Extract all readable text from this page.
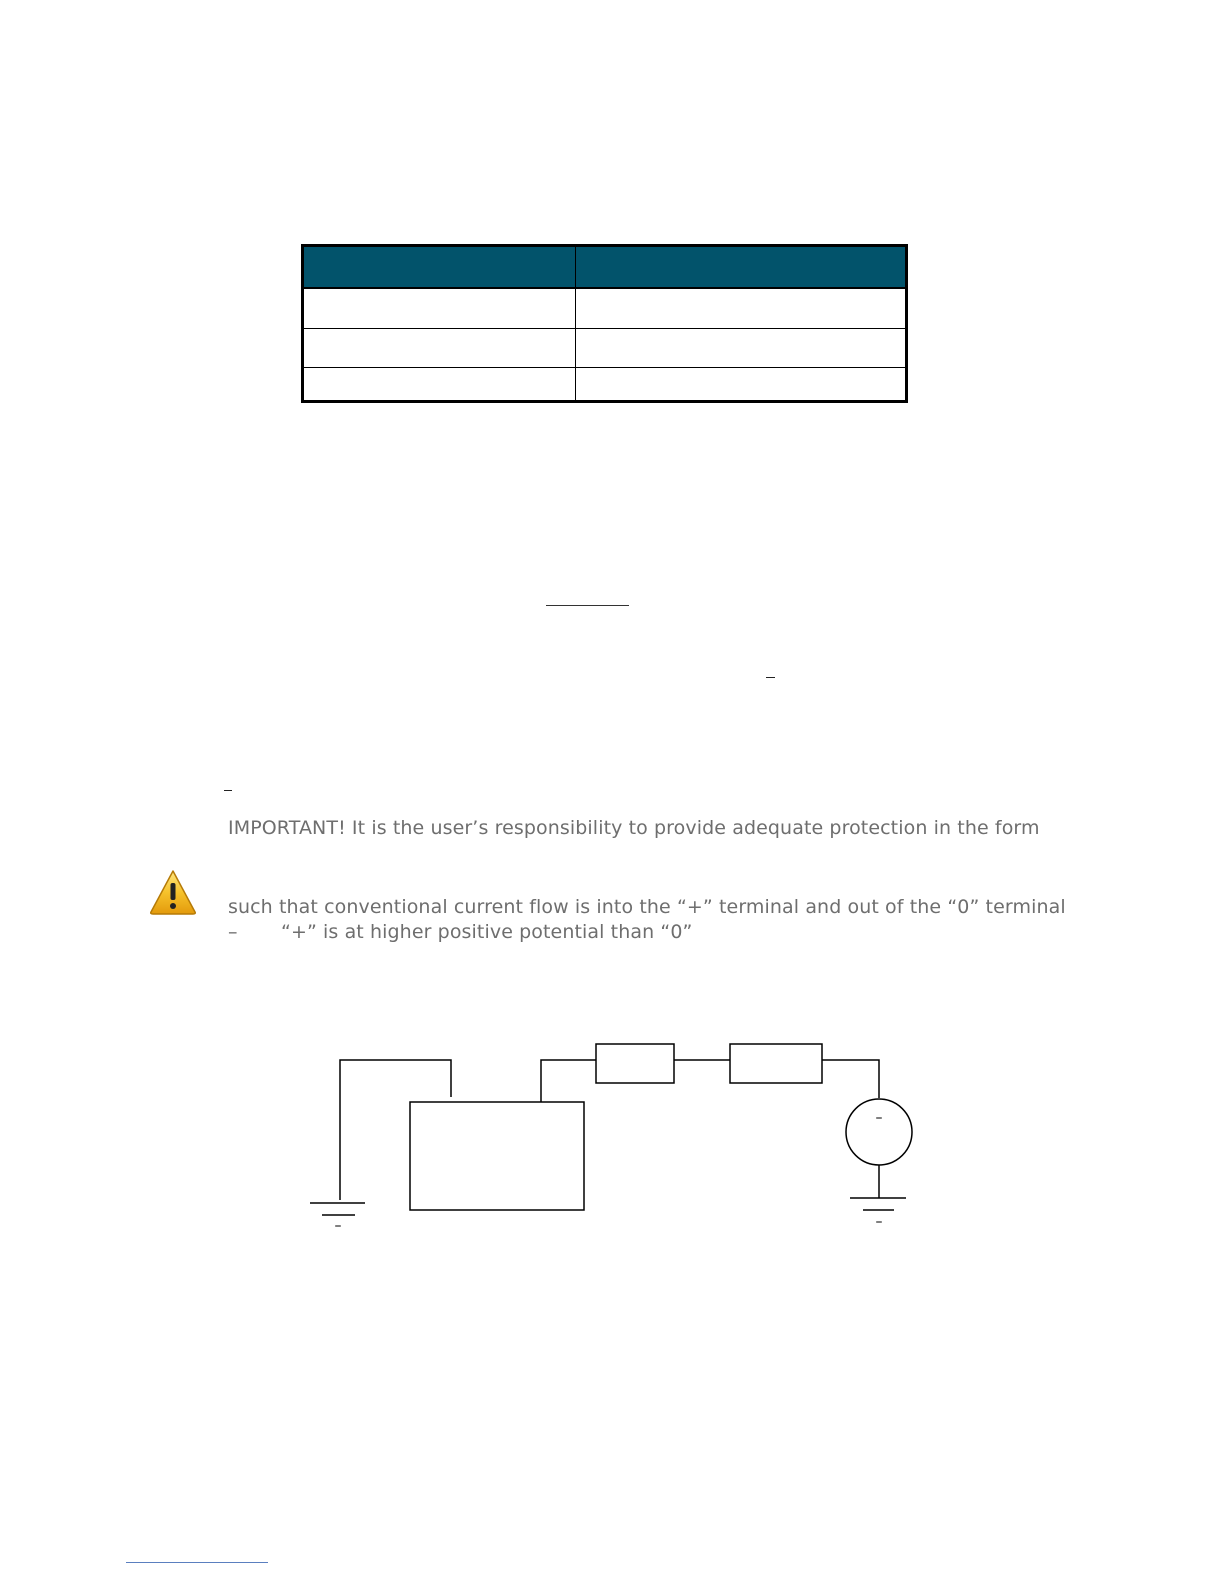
IMPORTANT! It is the user’s responsibility to provide adequate protection in the form
such that conventional current flow is into the “+” terminal and out of the “0” terminal
– “+” is at higher positive potential than “0”
–
–	–
